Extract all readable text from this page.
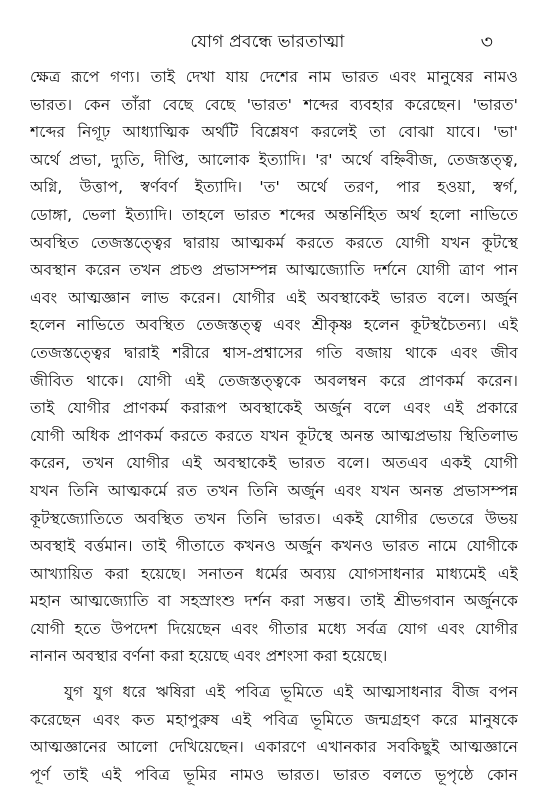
যোগ প্রবন্ধে ভারতাত্মা	৩
ক্ষেত্র রূপে গণ্য। তাই দেখা যায় দেশের নাম ভারত এবং মানুষের নামও
ভারত। কেন তাঁরা বেছে বেছে 'ভারত' শব্দের ব্যবহার করেছেন। 'ভারত'
শব্দের নিগূঢ় আধ্যাত্মিক অর্থটি বিশ্লেষণ করলেই তা বোঝা যাবে। 'ভা'
অর্থে প্রভা, দ্যুতি, দীপ্তি, আলোক ইত্যাদি। 'র' অর্থে বহ্নিবীজ, তেজস্তত্ত্ব,
অগ্নি, উত্তাপ, স্বর্ণবর্ণ ইত্যাদি। 'ত' অর্থে তরণ, পার হওয়া, স্বর্গ,
ডোঙ্গা, ভেলা ইত্যাদি। তাহলে ভারত শব্দের অন্তর্নিহিত অর্থ হলো নাভিতে
অবস্থিত তেজস্তত্ত্বের দ্বারায় আত্মকর্ম করতে করতে যোগী যখন কূটস্থে
অবস্থান করেন তখন প্রচণ্ড প্রভাসম্পন্ন আত্মজ্যোতি দর্শনে যোগী ত্রাণ পান
এবং আত্মজ্ঞান লাভ করেন। যোগীর এই অবস্থাকেই ভারত বলে। অর্জুন
হলেন নাভিতে অবস্থিত তেজস্তত্ত্ব এবং শ্রীকৃষ্ণ হলেন কূটস্থচৈতন্য। এই
তেজস্তত্ত্বের দ্বারাই শরীরে শ্বাস-প্রশ্বাসের গতি বজায় থাকে এবং জীব
জীবিত থাকে। যোগী এই তেজস্তত্ত্বকে অবলম্বন করে প্রাণকর্ম করেন।
তাই যোগীর প্রাণকর্ম করারূপ অবস্থাকেই অর্জুন বলে এবং এই প্রকারে
যোগী অধিক প্রাণকর্ম করতে করতে যখন কূটস্থে অনন্ত আত্মপ্রভায় স্থিতিলাভ
করেন, তখন যোগীর এই অবস্থাকেই ভারত বলে। অতএব একই যোগী
যখন তিনি আত্মকর্মে রত তখন তিনি অর্জুন এবং যখন অনন্ত প্রভাসম্পন্ন
কূটস্থজ্যোতিতে অবস্থিত তখন তিনি ভারত। একই যোগীর ভেতরে উভয়
অবস্থাই বর্ত্তমান। তাই গীতাতে কখনও অর্জুন কখনও ভারত নামে যোগীকে
আখ্যায়িত করা হয়েছে। সনাতন ধর্মের অব্যয় যোগসাধনার মাধ্যমেই এই
মহান আত্মজ্যোতি বা সহস্রাংশু দর্শন করা সম্ভব। তাই শ্রীভগবান অর্জুনকে
যোগী হতে উপদেশ দিয়েছেন এবং গীতার মধ্যে সর্বত্র যোগ এবং যোগীর
নানান অবস্থার বর্ণনা করা হয়েছে এবং প্রশংসা করা হয়েছে।
যুগ যুগ ধরে ঋষিরা এই পবিত্র ভূমিতে এই আত্মসাধনার বীজ বপন
করেছেন এবং কত মহাপুরুষ এই পবিত্র ভূমিতে জন্মগ্রহণ করে মানুষকে
আত্মজ্ঞানের আলো দেখিয়েছেন। একারণে এখানকার সবকিছুই আত্মজ্ঞানে
পূর্ণ তাই এই পবিত্র ভূমির নামও ভারত। ভারত বলতে ভূপৃষ্ঠে কোন
